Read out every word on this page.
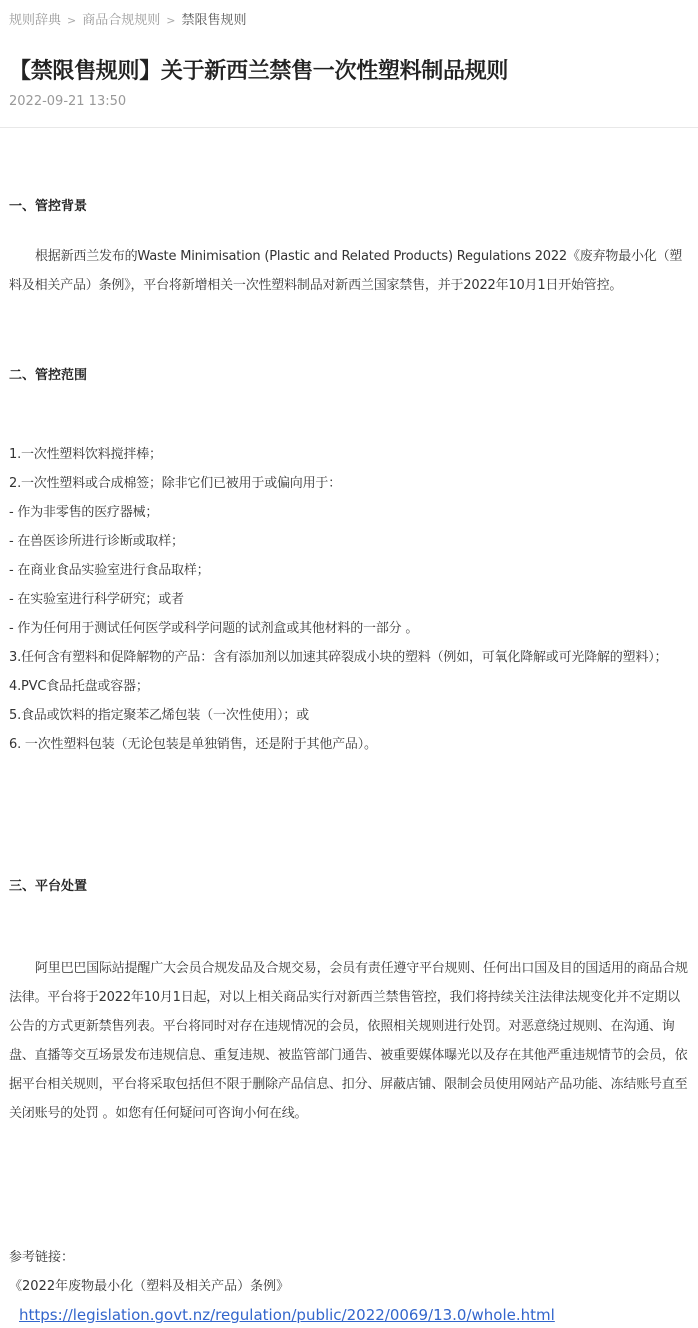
规则辞典 > 商品合规规则 > 禁限售规则
【禁限售规则】关于新西兰禁售一次性塑料制品规则
2022-09-21 13:50
一、管控背景

根据新西兰发布的Waste Minimisation (Plastic and Related Products) Regulations 2022《废弃物最小化（塑料及相关产品）条例》，平台将新增相关一次性塑料制品对新西兰国家禁售，并于2022年10月1日开始管控。

二、管控范围
1.一次性塑料饮料搅拌棒；
2.一次性塑料或合成棉签；除非它们已被用于或偏向用于：
- 作为非零售的医疗器械；
- 在兽医诊所进行诊断或取样；
- 在商业食品实验室进行食品取样；
- 在实验室进行科学研究；或者
- 作为任何用于测试任何医学或科学问题的试剂盒或其他材料的一部分 。
3.任何含有塑料和促降解物的产品：含有添加剂以加速其碎裂成小块的塑料（例如，可氧化降解或可光降解的塑料）；
4.PVC食品托盘或容器；
5.食品或饮料的指定聚苯乙烯包装（一次性使用）；或
6. 一次性塑料包装（无论包装是单独销售，还是附于其他产品）。
三、平台处置

阿里巴巴国际站提醒广大会员合规发品及合规交易，会员有责任遵守平台规则、任何出口国及目的国适用的商品合规法律。平台将于2022年10月1日起，对以上相关商品实行对新西兰禁售管控，我们将持续关注法律法规变化并不定期以公告的方式更新禁售列表。平台将同时对存在违规情况的会员，依照相关规则进行处罚。对恶意绕过规则、在沟通、询盘、直播等交互场景发布违规信息、重复违规、被监管部门通告、被重要媒体曝光以及存在其他严重违规情节的会员，依据平台相关规则，平台将采取包括但不限于删除产品信息、扣分、屏蔽店铺、限制会员使用网站产品功能、冻结账号直至关闭账号的处罚 。如您有任何疑问可咨询小何在线。

参考链接：
《2022年废物最小化（塑料及相关产品）条例》
https://legislation.govt.nz/regulation/public/2022/0069/13.0/whole.html
